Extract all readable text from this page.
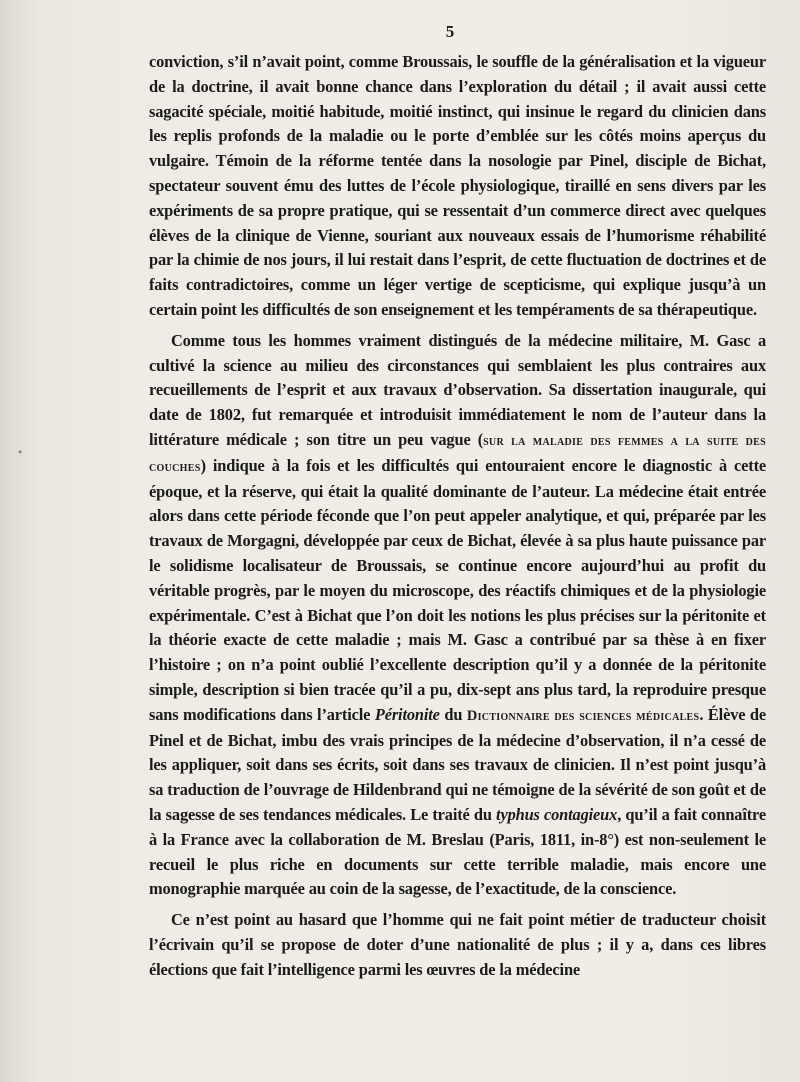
5
•

conviction, s’il n’avait point, comme Broussais, le souffle de la généralisation et la vigueur de la doctrine, il avait bonne chance dans l’exploration du détail ; il avait aussi cette sagacité spéciale, moitié habitude, moitié instinct, qui insinue le regard du clinicien dans les replis profonds de la maladie ou le porte d’emblée sur les côtés moins aperçus du vulgaire. Témoin de la réforme tentée dans la nosologie par Pinel, disciple de Bichat, spectateur souvent ému des luttes de l’école physiologique, tiraillé en sens divers par les expériments de sa propre pratique, qui se ressentait d’un commerce direct avec quelques élèves de la clinique de Vienne, souriant aux nouveaux essais de l’humorisme réhabilité par la chimie de nos jours, il lui restait dans l’esprit, de cette fluctuation de doctrines et de faits contradictoires, comme un léger vertige de scepticisme, qui explique jusqu’à un certain point les difficultés de son enseignement et les tempéraments de sa thérapeutique.

Comme tous les hommes vraiment distingués de la médecine militaire, M. Gasc a cultivé la science au milieu des circonstances qui semblaient les plus contraires aux recueillements de l’esprit et aux travaux d’observation. Sa dissertation inaugurale, qui date de 1802, fut remarquée et introduisit immédiatement le nom de l’auteur dans la littérature médicale ; son titre un peu vague (sur la maladie des femmes a la suite des couches) indique à la fois et les difficultés qui entouraient encore le diagnostic à cette époque, et la réserve, qui était la qualité dominante de l’auteur. La médecine était entrée alors dans cette période féconde que l’on peut appeler analytique, et qui, préparée par les travaux de Morgagni, développée par ceux de Bichat, élevée à sa plus haute puissance par le solidisme localisateur de Broussais, se continue encore aujourd’hui au profit du véritable progrès, par le moyen du microscope, des réactifs chimiques et de la physiologie expérimentale. C’est à Bichat que l’on doit les notions les plus précises sur la péritonite et la théorie exacte de cette maladie ; mais M. Gasc a contribué par sa thèse à en fixer l’histoire ; on n’a point oublié l’excellente description qu’il y a donnée de la péritonite simple, description si bien tracée qu’il a pu, dix-sept ans plus tard, la reproduire presque sans modifications dans l’article Péritonite du Dictionnaire des sciences médicales. Élève de Pinel et de Bichat, imbu des vrais principes de la médecine d’observation, il n’a cessé de les appliquer, soit dans ses écrits, soit dans ses travaux de clinicien. Il n’est point jusqu’à sa traduction de l’ouvrage de Hildenbrand qui ne témoigne de la sévérité de son goût et de la sagesse de ses tendances médicales. Le traité du typhus contagieux, qu’il a fait connaître à la France avec la collaboration de M. Breslau (Paris, 1811, in-8°) est non-seulement le recueil le plus riche en documents sur cette terrible maladie, mais encore une monographie marquée au coin de la sagesse, de l’exactitude, de la conscience.

Ce n’est point au hasard que l’homme qui ne fait point métier de traducteur choisit l’écrivain qu’il se propose de doter d’une nationalité de plus ; il y a, dans ces libres élections que fait l’intelligence parmi les œuvres de la médecine
